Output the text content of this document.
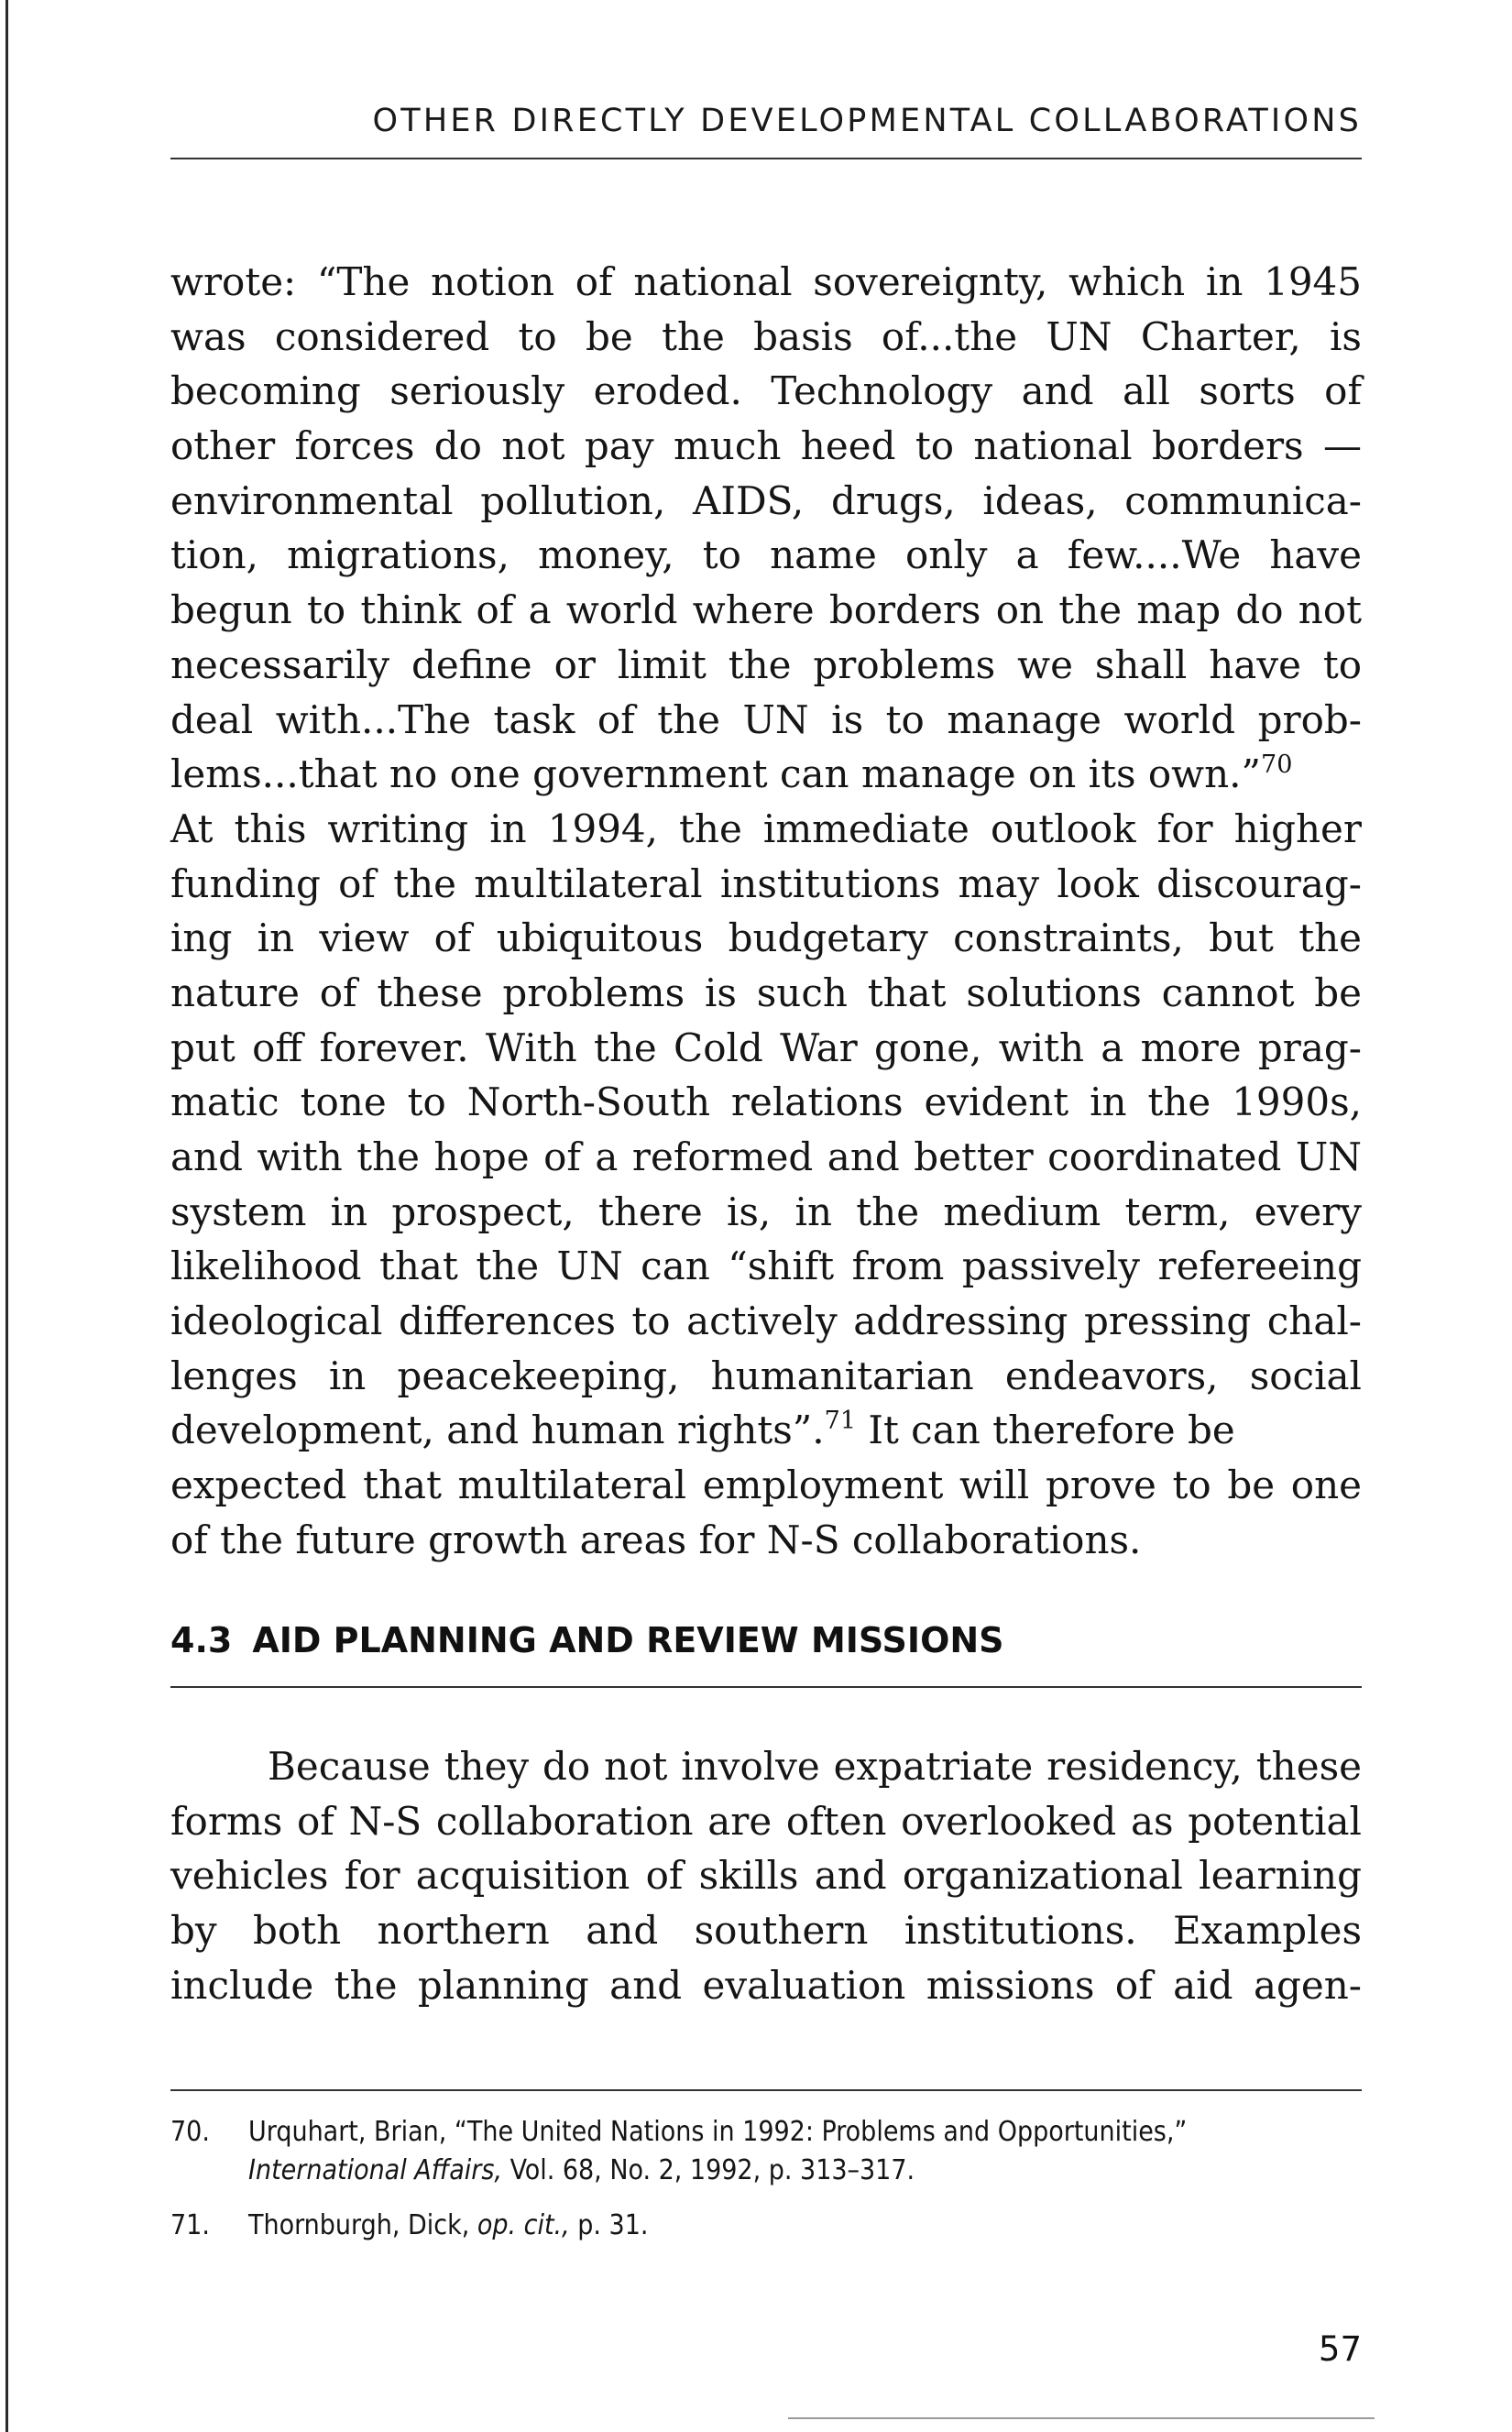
OTHER DIRECTLY DEVELOPMENTAL COLLABORATIONS
wrote: “The notion of national sovereignty, which in 1945
was considered to be the basis of...the UN Charter, is
becoming seriously eroded. Technology and all sorts of
other forces do not pay much heed to national borders —
environmental pollution, AIDS, drugs, ideas, communica-
tion, migrations, money, to name only a few....We have
begun to think of a world where borders on the map do not
necessarily define or limit the problems we shall have to
deal with...The task of the UN is to manage world prob-
lems...that no one government can manage on its own.”$^{70}$
At this writing in 1994, the immediate outlook for higher
funding of the multilateral institutions may look discourag-
ing in view of ubiquitous budgetary constraints, but the
nature of these problems is such that solutions cannot be
put off forever. With the Cold War gone, with a more prag-
matic tone to North-South relations evident in the 1990s,
and with the hope of a reformed and better coordinated UN
system in prospect, there is, in the medium term, every
likelihood that the UN can “shift from passively refereeing
ideological differences to actively addressing pressing chal-
lenges in peacekeeping, humanitarian endeavors, social
development, and human rights”.$^{71}$ It can therefore be
expected that multilateral employment will prove to be one
of the future growth areas for N-S collaborations.
4.3 AID PLANNING AND REVIEW MISSIONS
Because they do not involve expatriate residency, these
forms of N-S collaboration are often overlooked as potential
vehicles for acquisition of skills and organizational learning
by both northern and southern institutions. Examples
include the planning and evaluation missions of aid agen-
70. Urquhart, Brian, “The United Nations in 1992: Problems and Opportunities,”
International Affairs, Vol. 68, No. 2, 1992, p. 313–317.
71. Thornburgh, Dick, op. cit., p. 31.
57
